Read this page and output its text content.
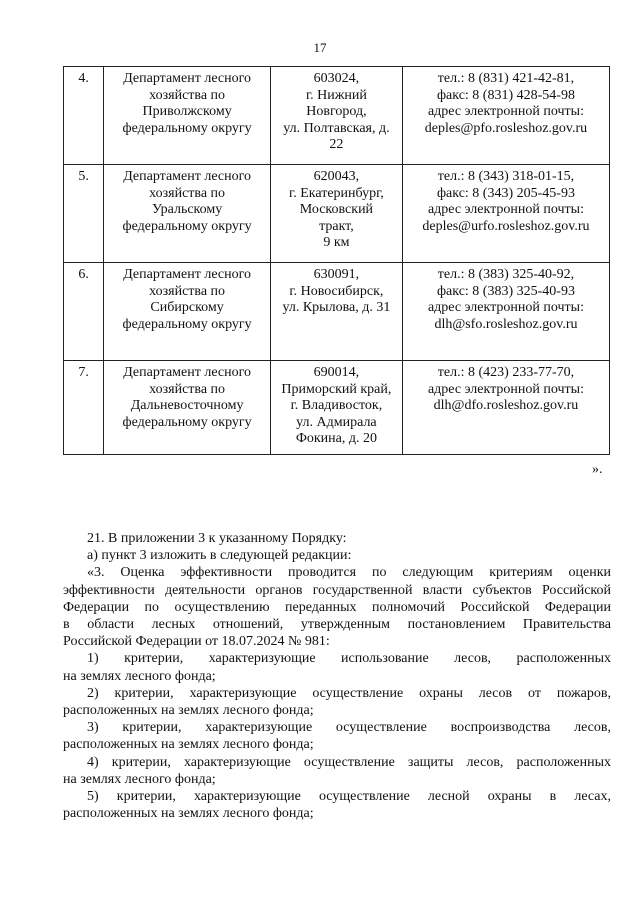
17
4.	Департамент лесного
хозяйства по
Приволжскому
федеральному округу	603024,
г. Нижний
Новгород,
ул. Полтавская, д.
22	тел.: 8 (831) 421-42-81,
факс: 8 (831) 428-54-98
адрес электронной почты:
deples@pfo.rosleshoz.gov.ru

5.	Департамент лесного
хозяйства по
Уральскому
федеральному округу	620043,
г. Екатеринбург,
Московский
тракт,
9 км	тел.: 8 (343) 318-01-15,
факс: 8 (343) 205-45-93
адрес электронной почты:
deples@urfo.rosleshoz.gov.ru

6.	Департамент лесного
хозяйства по
Сибирскому
федеральному округу	630091,
г. Новосибирск,
ул. Крылова, д. 31	тел.: 8 (383) 325-40-92,
факс: 8 (383) 325-40-93
адрес электронной почты:
dlh@sfo.rosleshoz.gov.ru

7.	Департамент лесного
хозяйства по
Дальневосточному
федеральному округу	690014,
Приморский край,
г. Владивосток,
ул. Адмирала
Фокина, д. 20	тел.: 8 (423) 233-77-70,
адрес электронной почты:
dlh@dfo.rosleshoz.gov.ru
».
21. В приложении 3 к указанному Порядку:
а) пункт 3 изложить в следующей редакции:
«3. Оценка эффективности проводится по следующим критериям оценки
эффективности деятельности органов государственной власти субъектов Российской
Федерации по осуществлению переданных полномочий Российской Федерации
в области лесных отношений, утвержденным постановлением Правительства
Российской Федерации от 18.07.2024 № 981:
1) критерии, характеризующие использование лесов, расположенных
на землях лесного фонда;
2) критерии, характеризующие осуществление охраны лесов от пожаров,
расположенных на землях лесного фонда;
3) критерии, характеризующие осуществление воспроизводства лесов,
расположенных на землях лесного фонда;
4) критерии, характеризующие осуществление защиты лесов, расположенных
на землях лесного фонда;
5) критерии, характеризующие осуществление лесной охраны в лесах,
расположенных на землях лесного фонда;
